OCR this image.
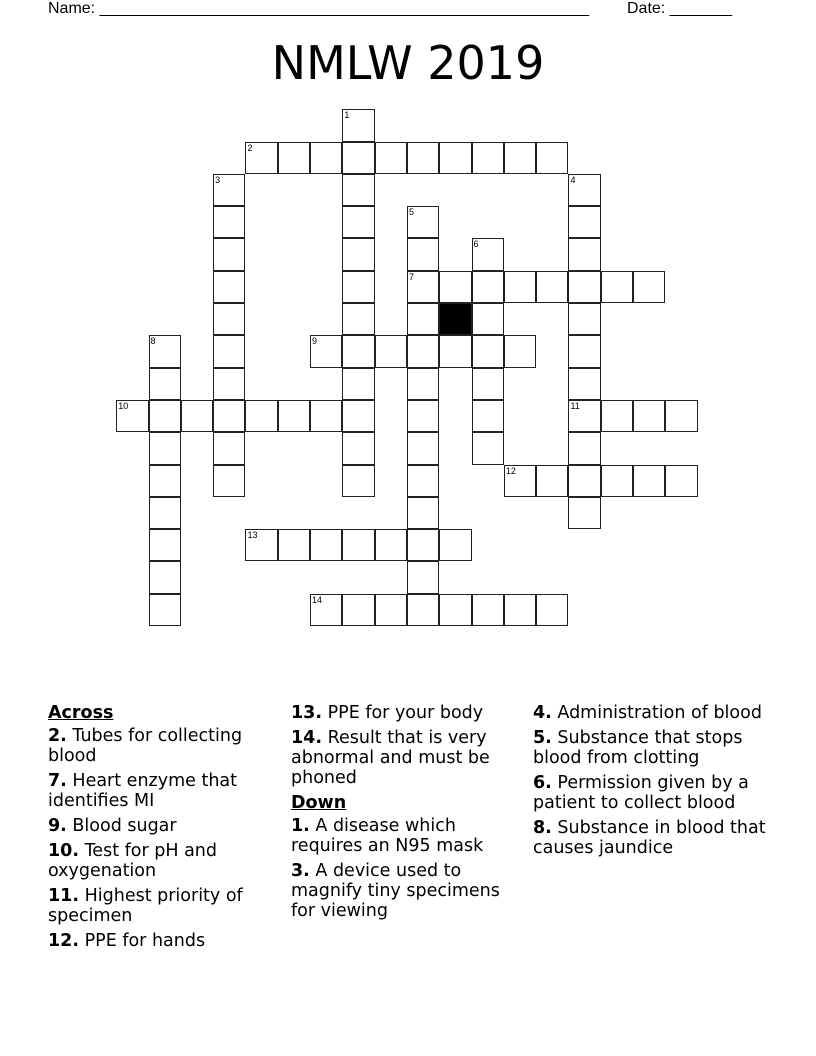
Name: _______________________________________________________ Date: _______
NMLW 2019
1
2
3	4
11
5
7
6
8	9
10
12
13
14
Across

2. Tubes for collecting blood

7. Heart enzyme that identifies MI

9. Blood sugar

10. Test for pH and oxygenation

11. Highest priority of specimen

12. PPE for hands

13. PPE for your body

14. Result that is very abnormal and must be phoned

Down

1. A disease which requires an N95 mask

3. A device used to magnify tiny specimens for viewing

4. Administration of blood

5. Substance that stops blood from clotting

6. Permission given by a patient to collect blood

8. Substance in blood that causes jaundice
